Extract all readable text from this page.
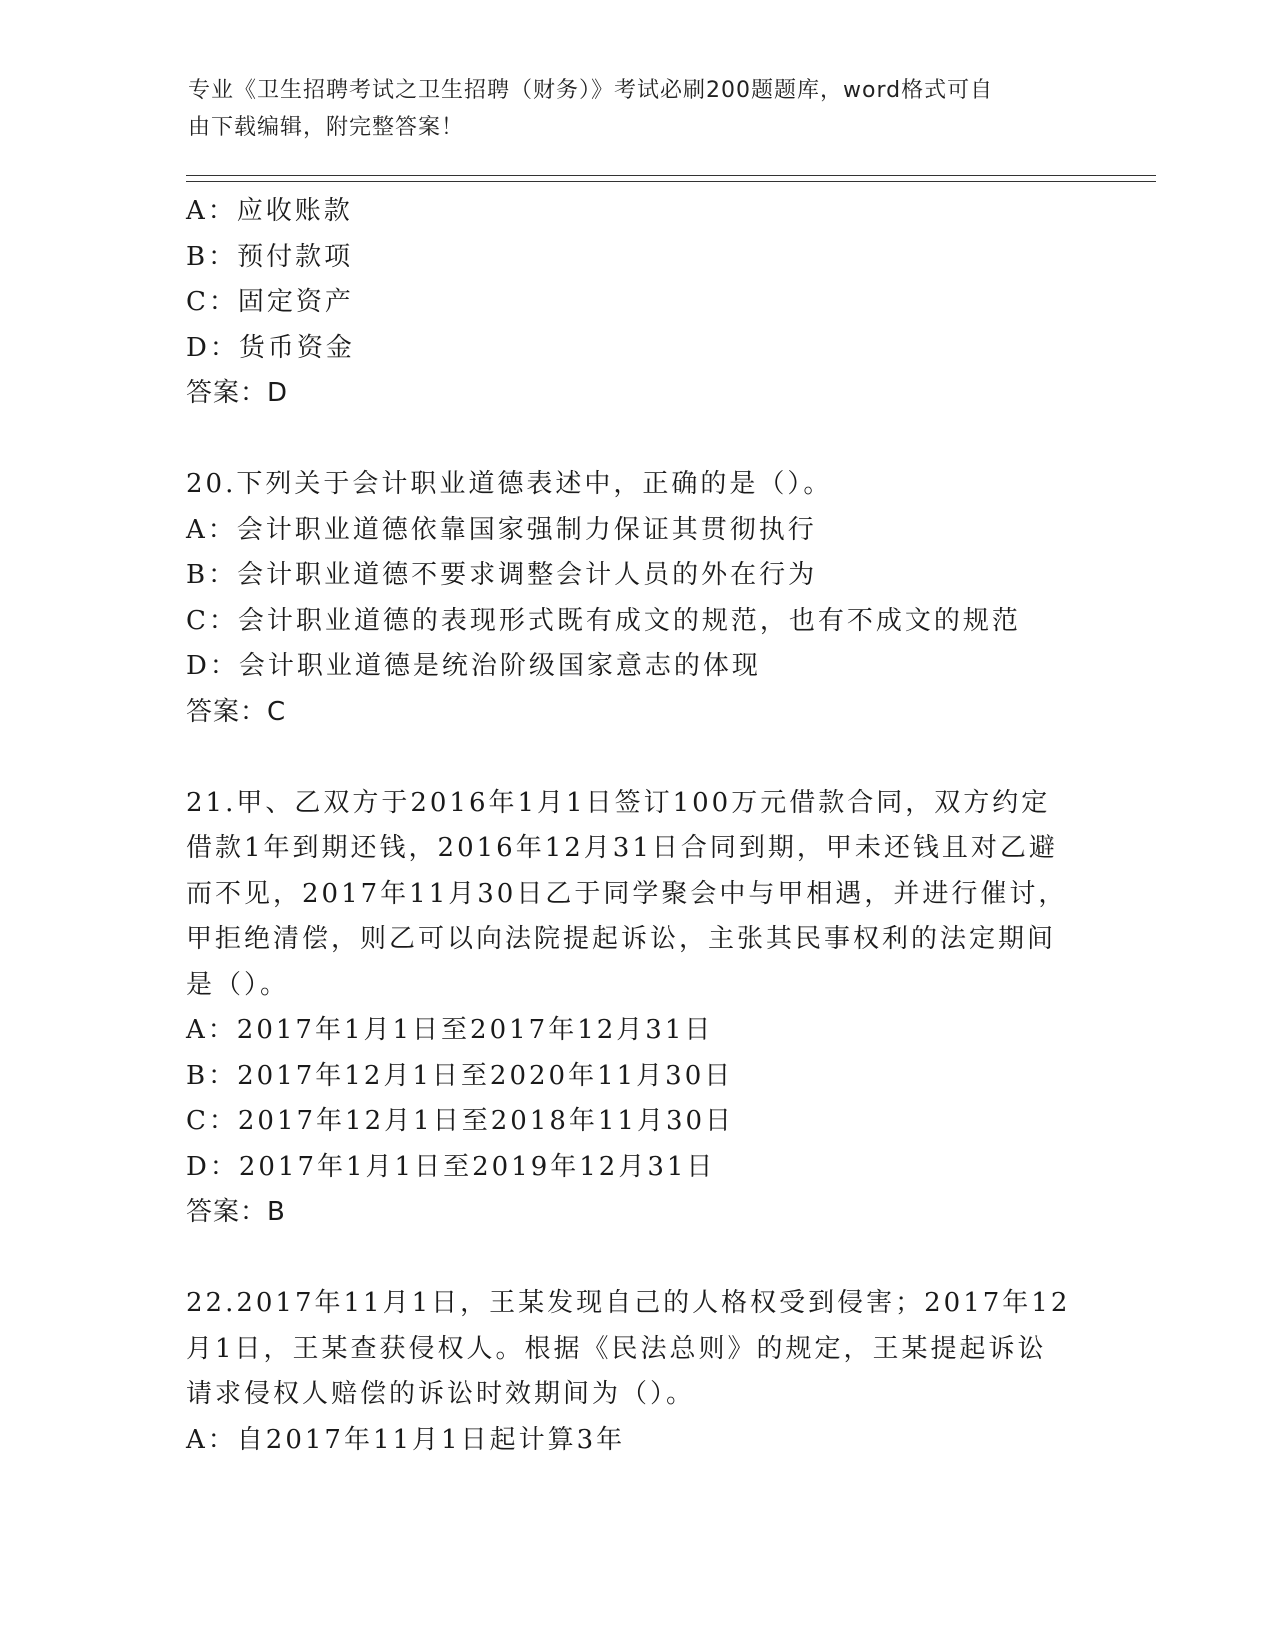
专业《卫生招聘考试之卫生招聘（财务）》考试必刷200题题库，word格式可自
由下载编辑，附完整答案！
A：应收账款
B：预付款项
C：固定资产
D：货币资金
答案：D
20.下列关于会计职业道德表述中，正确的是（）。
A：会计职业道德依靠国家强制力保证其贯彻执行
B：会计职业道德不要求调整会计人员的外在行为
C：会计职业道德的表现形式既有成文的规范，也有不成文的规范
D：会计职业道德是统治阶级国家意志的体现
答案：C
21.甲、乙双方于2016年1月1日签订100万元借款合同，双方约定
借款1年到期还钱，2016年12月31日合同到期，甲未还钱且对乙避
而不见，2017年11月30日乙于同学聚会中与甲相遇，并进行催讨，
甲拒绝清偿，则乙可以向法院提起诉讼，主张其民事权利的法定期间
是（）。
A：2017年1月1日至2017年12月31日
B：2017年12月1日至2020年11月30日
C：2017年12月1日至2018年11月30日
D：2017年1月1日至2019年12月31日
答案：B
22.2017年11月1日，王某发现自己的人格权受到侵害；2017年12
月1日，王某查获侵权人。根据《民法总则》的规定，王某提起诉讼
请求侵权人赔偿的诉讼时效期间为（）。
A：自2017年11月1日起计算3年
